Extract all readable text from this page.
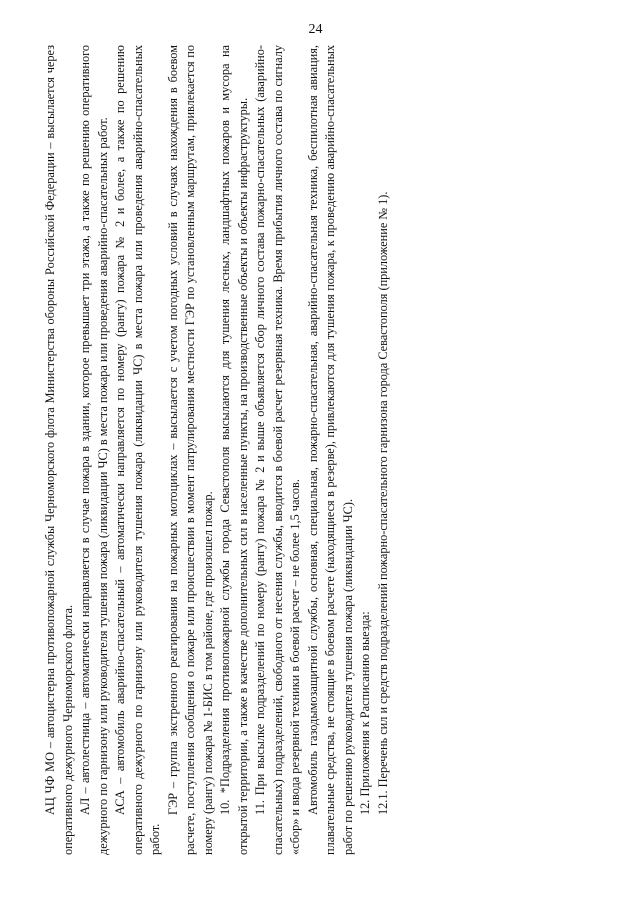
24

АЦ ЧФ МО – автоцистерна противопожарной службы Черноморского флота Министерства обороны Российской Федерации – высылается через оперативного дежурного Черноморского флота. АЛ – автолестница – автоматически направляется в случае пожара в здании, которое превышает три этажа, а также по решению оперативного дежурного по гарнизону или руководителя тушения пожара (ликвидации ЧС) в места пожара или проведения аварийно-спасательных работ. АСА – автомобиль аварийно-спасательный – автоматически направляется по номеру (рангу) пожара № 2 и более, а также по решению оперативного дежурного по гарнизону или руководителя тушения пожара (ликвидации ЧС) в места пожара или проведения аварийно-спасательных работ.

ГЭР – группа экстренного реагирования на пожарных мотоциклах – высылается с учетом погодных условий в случаях нахождения в боевом расчете, поступления сообщения о пожаре или происшествии в момент патрулирования местности ГЭР по установленным маршрутам, привлекается по номеру (рангу) пожара № 1-БИС в том районе, где произошел пожар. 10. *Подразделения противопожарной службы города Севастополя высылаются для тушения лесных, ландшафтных пожаров и мусора на открытой территории, а также в качестве дополнительных сил в населенные пункты, на производственные объекты и объекты инфраструктуры. 11. При высылке подразделений по номеру (рангу) пожара № 2 и выше объявляется сбор личного состава пожарно-спасательных (аварийно-спасательных) подразделений, свободного от несения службы, вводится в боевой расчет резервная техника. Время прибытия личного состава по сигналу «сбор» и ввода резервной техники в боевой расчет – не более 1,5 часов. Автомобиль газодымозащитной службы, основная, специальная, пожарно-спасательная, аварийно-спасательная техника, беспилотная авиация, плавательные средства, не стоящие в боевом расчете (находящиеся в резерве), привлекаются для тушения пожара, к проведению аварийно-спасательных работ по решению руководителя тушения пожара (ликвидации ЧС). 12. Приложения к Расписанию выезда: 12.1. Перечень сил и средств подразделений пожарно-спасательного гарнизона города Севастополя (приложение № 1).
